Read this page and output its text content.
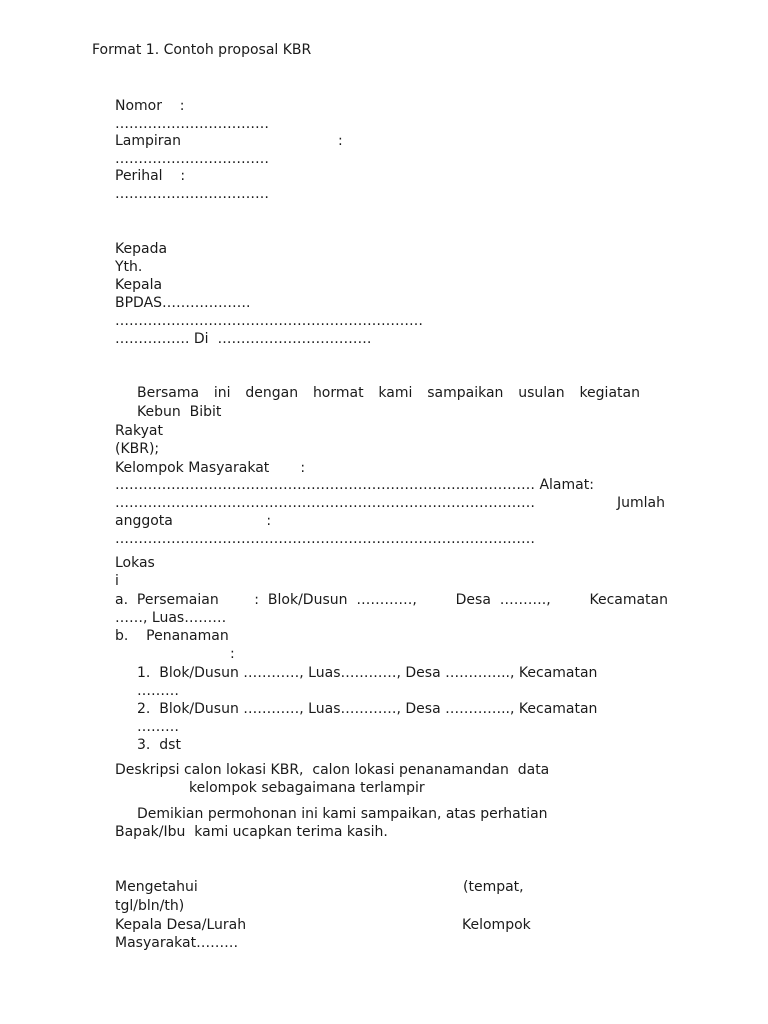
Format 1. Contoh proposal KBR
Nomor    :
……………………………
Lampiran	:
……………………………
Perihal    :
……………………………
Kepada
Yth.
Kepala
BPDAS……………….
…………………………………………………………
……………. Di  ……………………………
Bersama ini dengan hormat kami sampaikan usulan kegiatan
Kebun  Bibit
Rakyat
(KBR);
Kelompok Masyarakat       :
……………………………………………………………………………… Alamat:
………………………………………………………………………………	Jumlah
anggota                     :
………………………………………………………………………………
Lokas
i
a.  Persemaian        :  Blok/Dusun  …………,	Desa  ……….,	Kecamatan
……, Luas………
b.    Penanaman
:
1.  Blok/Dusun …………, Luas…………, Desa ………….., Kecamatan
………
2.  Blok/Dusun …………, Luas…………, Desa ………….., Kecamatan
………
3.  dst
Deskripsi calon lokasi KBR,  calon lokasi penanamandan  data
kelompok sebagaimana terlampir
Demikian permohonan ini kami sampaikan, atas perhatian
Bapak/Ibu  kami ucapkan terima kasih.
Mengetahui	(tempat,
tgl/bln/th)
Kepala Desa/Lurah	Kelompok
Masyarakat………
